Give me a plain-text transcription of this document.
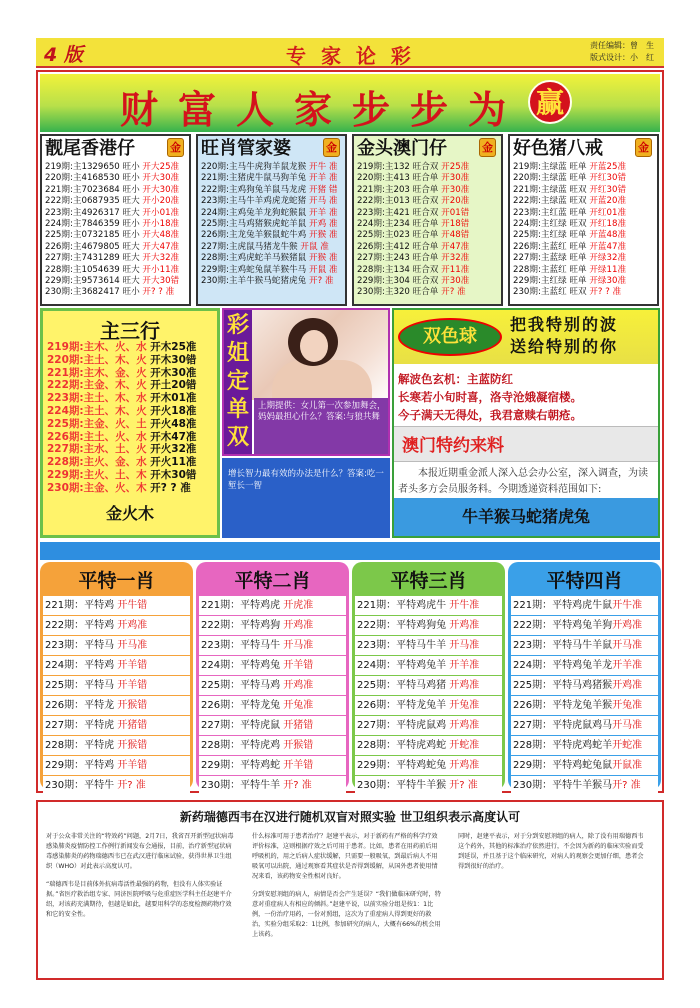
4 版	专 家 论 彩	责任编辑：曾　生
版式设计：小　红
财富人家步步为 赢
靓尾香港仔	金
219期:主1329650 旺小 开大25准
220期:主4168530 旺小 开大30准
221期:主7023684 旺小 开大30准
222期:主0687935 旺大 开小20准
223期:主4926317 旺大 开小01准
224期:主7846359 旺小 开小18准
225期:主0732185 旺小 开大48准
226期:主4679805 旺大 开大47准
227期:主7431289 旺大 开大32准
228期:主1054639 旺大 开小11准
229期:主9573614 旺大 开大30错
230期:主3682417 旺小 开? ? 准
旺肖管家婆	金
220期:主马牛虎狗羊鼠龙猴 开牛 准
221期:主猪虎牛鼠马狗羊兔 开羊 准
222期:主鸡狗兔羊鼠马龙虎 开猪 错
223期:主马牛羊鸡虎龙蛇猪 开马 准
224期:主鸡兔羊龙狗蛇猴鼠 开羊 准
225期:主马鸡猪猴虎蛇羊鼠 开鸡 准
226期:主龙兔羊猴鼠蛇牛鸡 开猴 准
227期:主虎鼠马猪龙牛猴 开鼠 准
228期:主鸡虎蛇羊马猴猪鼠 开猴 准
229期:主鸡蛇兔鼠羊猴牛马 开鼠 准
230期:主羊牛猴马蛇猪虎兔 开? 准
金头澳门仔	金
219期:主132 旺合双 开25准
220期:主413 旺合单 开30准
221期:主203 旺合单 开30准
222期:主013 旺合双 开20准
223期:主421 旺合双 开01错
224期:主234 旺合单 开18错
225期:主023 旺合单 开48错
226期:主412 旺合单 开47准
227期:主243 旺合单 开32准
228期:主134 旺合双 开11准
229期:主304 旺合双 开30准
230期:主320 旺合单 开? 准
好色猪八戒	金
219期:主绿蓝 旺单 开蓝25准
220期:主绿蓝 旺单 开红30错
221期:主绿蓝 旺双 开红30错
222期:主绿蓝 旺双 开蓝20准
223期:主红蓝 旺单 开红01准
224期:主红绿 旺双 开红18准
225期:主红绿 旺单 开蓝48准
226期:主蓝红 旺单 开蓝47准
227期:主蓝绿 旺单 开绿32准
228期:主蓝红 旺单 开绿11准
229期:主红绿 旺单 开绿30准
230期:主蓝红 旺双 开? ? 准
主三行
219期:主木、火、水 开木25准
220期:主土、木、火 开木30错
221期:主木、金、火 开木30准
222期:主金、木、火 开土20错
223期:主土、木、水 开木01准
224期:主土、木、火 开火18准
225期:主金、火、土 开火48准
226期:主土、火、水 开木47准
227期:主水、土、火 开火32准
228期:主火、金、水 开火11准
229期:主火、土、木 开木30错
230期:主金、火、木 开? ? 准
金火木
彩
姐
定
单
双
上期提供：女儿第一次参加舞会，妈妈最担心什么？答案:与狼共舞
增长智力最有效的办法是什么？答案:吃一堑长一智
双色球
把我特别的波
送给特别的你
解波色玄机：主蓝防红
长寒若小旬时喜，洛寺沧娥凝宿楼。
今子满天无得处，我君意赎右朝疮。
澳门特约来料
本报近期重金派人深入总会办公室，深入调查，为读者头多方会员服务料。今期透递资料范围如下:
牛羊猴马蛇猪虎兔
平特一肖
221期：平特鸡 开牛错
222期：平特鸡 开鸡准
223期：平特马 开马准
224期：平特鸡 开羊错
225期：平特马 开羊错
226期：平特龙 开猴错
227期：平特虎 开猪错
228期：平特虎 开猴错
229期：平特鸡 开羊错
230期：平特牛 开? 准
平特二肖
221期：平特鸡虎 开虎准
222期：平特鸡狗 开鸡准
223期：平特马牛 开马准
224期：平特鸡兔 开羊错
225期：平特马鸡 开鸡准
226期：平特龙兔 开兔准
227期：平特虎鼠 开猪错
228期：平特虎鸡 开猴错
229期：平特鸡蛇 开羊错
230期：平特牛羊 开? 准
平特三肖
221期：平特鸡虎牛 开牛准
222期：平特鸡狗兔 开鸡准
223期：平特马牛羊 开马准
224期：平特鸡兔羊 开羊准
225期：平特马鸡猪 开鸡准
226期：平特龙兔羊 开兔准
227期：平特虎鼠鸡 开鸡准
228期：平特虎鸡蛇 开蛇准
229期：平特鸡蛇兔 开鸡准
230期：平特牛羊猴 开? 准
平特四肖
221期：平特鸡虎牛鼠开牛准
222期：平特鸡兔羊狗开鸡准
223期：平特马牛羊鼠开马准
224期：平特鸡兔羊龙开羊准
225期：平特马鸡猪猴开鸡准
226期：平特龙兔羊猴开兔准
227期：平特虎鼠鸡马开马准
228期：平特虎鸡蛇羊开蛇准
229期：平特鸡蛇兔鼠开鼠准
230期：平特牛羊猴马开? 准
新药瑞德西韦在汉进行随机双盲对照实验 世卫组织表示高度认可

对于公众非常关注的“特效药”问题，2月7日，我省召开新型冠状病毒感染肺炎疫情防控工作例行新闻发布会通报，目前，治疗新型冠状病毒感染肺炎的药物瑞德西韦已在武汉进行临床试验，获得世界卫生组织（WHO）对此表示高度认可。

“瑞德西韦是目前体外抗病毒活性最强的药物，但没有人体实验证据。”省医疗救治组专家、同济医院呼吸与危重症医学科主任赵建平介绍，对该药充满期待，但越是如此，越要用科学的态度检测药物疗效和它的安全性。

什么标准可用于患者治疗？赵建平表示，对于新药有严格的科学疗效评价标准，这则根据疗效之后可用于患者。比如，患者在用药前后用呼吸机的，用之后病人症状缓解，只需要一般吸氧，到最后病人不用吸氧可以出院，通过观察看其症状是否得到缓解，从国外患者使用情况来看，该药物安全性相对良好。

分到安慰剂组的病人，病情是否会产生延误？“我们做临床研究时，特意对重症病人有相应的倾斜。”赵建平说，以前实验分组是按1：1比例，一份治疗用药，一份对照组，这次为了重症病人得到更好的救治，实验分组采取2：1比例，参加研究的病人，大概有66%的机会用上该药。

同时，赵建平表示，对于分到安慰剂组的病人，除了没有用瑞德西韦这个药外，其他的标准治疗依然进行，不会因为新药的临床实验而受到延误，并且基于这个临床研究，对病人的观察会更加仔细，患者会得到很好的治疗。
